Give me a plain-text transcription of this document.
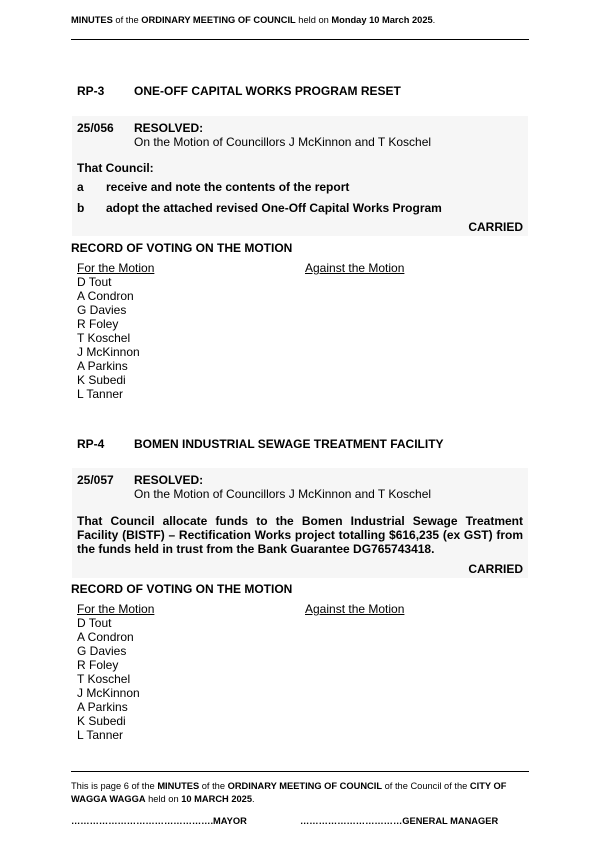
MINUTES of the ORDINARY MEETING OF COUNCIL held on Monday 10 March 2025.
RP-3 ONE-OFF CAPITAL WORKS PROGRAM RESET
25/056 RESOLVED:
On the Motion of Councillors J McKinnon and T Koschel
That Council:
a receive and note the contents of the report
b adopt the attached revised One-Off Capital Works Program
CARRIED
RECORD OF VOTING ON THE MOTION
For the Motion	Against the Motion
D Tout
A Condron
G Davies
R Foley
T Koschel
J McKinnon
A Parkins
K Subedi
L Tanner
RP-4 BOMEN INDUSTRIAL SEWAGE TREATMENT FACILITY
25/057 RESOLVED:
On the Motion of Councillors J McKinnon and T Koschel
That Council allocate funds to the Bomen Industrial Sewage Treatment Facility (BISTF) – Rectification Works project totalling $616,235 (ex GST) from the funds held in trust from the Bank Guarantee DG765743418.
CARRIED
RECORD OF VOTING ON THE MOTION
For the Motion	Against the Motion
D Tout
A Condron
G Davies
R Foley
T Koschel
J McKinnon
A Parkins
K Subedi
L Tanner
This is page 6 of the MINUTES of the ORDINARY MEETING OF COUNCIL of the Council of the CITY OF WAGGA WAGGA held on 10 MARCH 2025.
……………………………………….MAYOR	……………………………GENERAL MANAGER
